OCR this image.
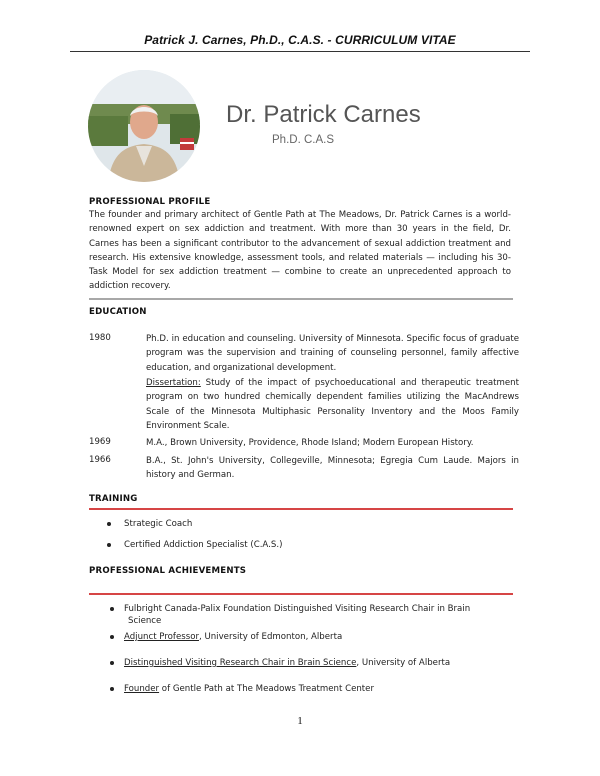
Patrick J. Carnes, Ph.D., C.A.S. - CURRICULUM VITAE
Dr. Patrick Carnes
Ph.D. C.A.S
PROFESSIONAL PROFILE
The founder and primary architect of Gentle Path at The Meadows, Dr. Patrick Carnes is a world-renowned expert on sex addiction and treatment. With more than 30 years in the field, Dr. Carnes has been a significant contributor to the advancement of sexual addiction treatment and research. His extensive knowledge, assessment tools, and related materials — including his 30-Task Model for sex addiction treatment — combine to create an unprecedented approach to addiction recovery.
EDUCATION
1980	Ph.D. in education and counseling. University of Minnesota. Specific focus of graduate program was the supervision and training of counseling personnel, family affective education, and organizational development.
Dissertation: Study of the impact of psychoeducational and therapeutic treatment program on two hundred chemically dependent families utilizing the MacAndrews Scale of the Minnesota Multiphasic Personality Inventory and the Moos Family Environment Scale.
1969	M.A., Brown University, Providence, Rhode Island; Modern European History.
1966	B.A., St. John's University, Collegeville, Minnesota; Egregia Cum Laude. Majors in history and German.
TRAINING
Strategic Coach
Certified Addiction Specialist (C.A.S.)
PROFESSIONAL ACHIEVEMENTS
Fulbright Canada-Palix Foundation Distinguished Visiting Research Chair in Brain
Science
Adjunct Professor, University of Edmonton, Alberta
Distinguished Visiting Research Chair in Brain Science, University of Alberta
Founder of Gentle Path at The Meadows Treatment Center
1
